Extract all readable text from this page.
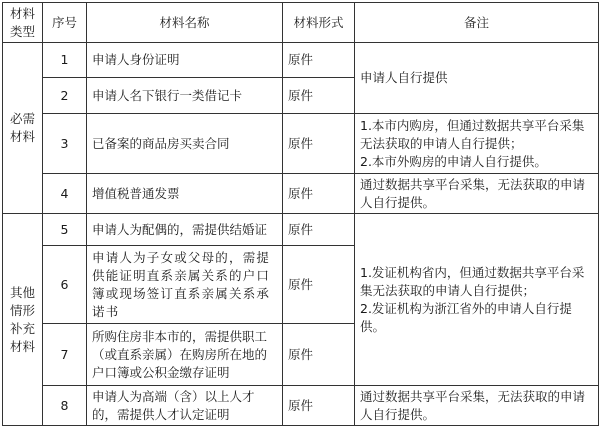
材料类型	序号	材料名称	材料形式	备注
必需材料	1	申请人身份证明	原件	申请人自行提供
	2	申请人名下银行一类借记卡	原件	
	3	已备案的商品房买卖合同	原件	1.本市内购房，但通过数据共享平台采集无法获取的申请人自行提供；
2.本市外购房的申请人自行提供。

	4	增值税普通发票	原件	通过数据共享平台采集，无法获取的申请人自行提供。
其他情形补充材料	5	申请人为配偶的，需提供结婚证	原件	1.发证机构省内，但通过数据共享平台采集无法获取的申请人自行提供；
2.发证机构为浙江省外的申请人自行提供。

	6	申请人为子女或父母的，需提供能证明直系亲属关系的户口簿或现场签订直系亲属关系承诺书	原件	
	7	所购住房非本市的，需提供职工（或直系亲属）在购房所在地的户口簿或公积金缴存证明	原件	
	8	申请人为高端（含）以上人才的，需提供人才认定证明	原件	通过数据共享平台采集，无法获取的申请人自行提供。
